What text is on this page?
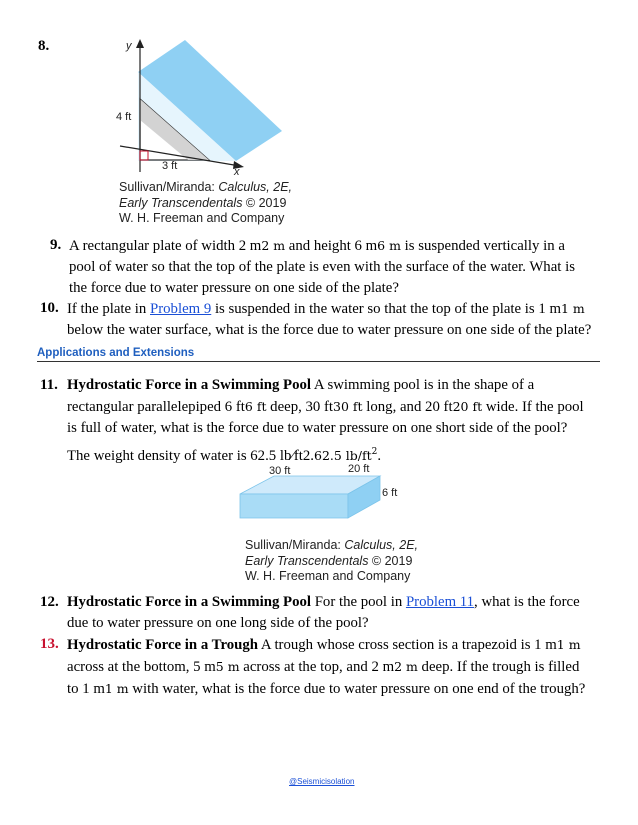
8.	y
x
4 ft
3 ft
Sullivan/Miranda: Calculus, 2E,
Early Transcendentals © 2019
W. H. Freeman and Company
9. A rectangular plate of width 2 m2 m and height 6 m6 m is suspended vertically in a
pool of water so that the top of the plate is even with the surface of the water. What is
the force due to water pressure on one side of the plate?
10. If the plate in Problem 9 is suspended in the water so that the top of the plate is 1 m1 m
below the water surface, what is the force due to water pressure on one side of the plate?
Applications and Extensions
11. Hydrostatic Force in a Swimming Pool A swimming pool is in the shape of a
rectangular parallelepiped 6 ft6 ft deep, 30 ft30 ft long, and 20 ft20 ft wide. If the pool
is full of water, what is the force due to water pressure on one short side of the pool?
The weight density of water is 62.5 lb⁄ft2.62.5 $lb/ft^2$.
30 ft	20 ft
6 ft
Sullivan/Miranda: Calculus, 2E,
Early Transcendentals © 2019
W. H. Freeman and Company
12. Hydrostatic Force in a Swimming Pool For the pool in Problem 11, what is the force
due to water pressure on one long side of the pool?
13. Hydrostatic Force in a Trough A trough whose cross section is a trapezoid is 1 m1 m
across at the bottom, 5 m5 m across at the top, and 2 m2 m deep. If the trough is filled
to 1 m1 m with water, what is the force due to water pressure on one end of the trough?
@Seismicisolation
